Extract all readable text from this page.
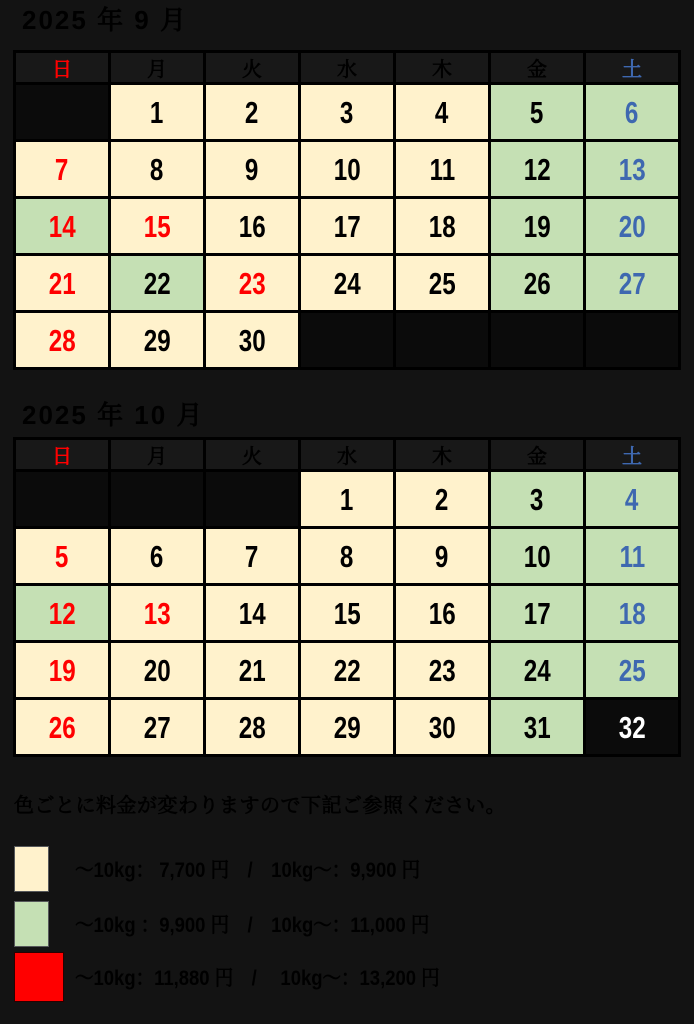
2025 年 9 月
日	月	火	水	木	金	土
	1	2	3	4	5	6
7	8	9	10	11	12	13
14	15	16	17	18	19	20
21	22	23	24	25	26	27
28	29	30				
2025 年 10 月
日	月	火	水	木	金	土
			1	2	3	4
5	6	7	8	9	10	11
12	13	14	15	16	17	18
19	20	21	22	23	24	25
26	27	28	29	30	31	32
色ごとに料金が変わりますので下記ご参照ください。
～10kg： 7,700 円　/　10kg～：9,900 円
～10kg ：9,900 円　/　10kg～：11,000 円
～10kg：11,880 円　/　 10kg～：13,200 円
